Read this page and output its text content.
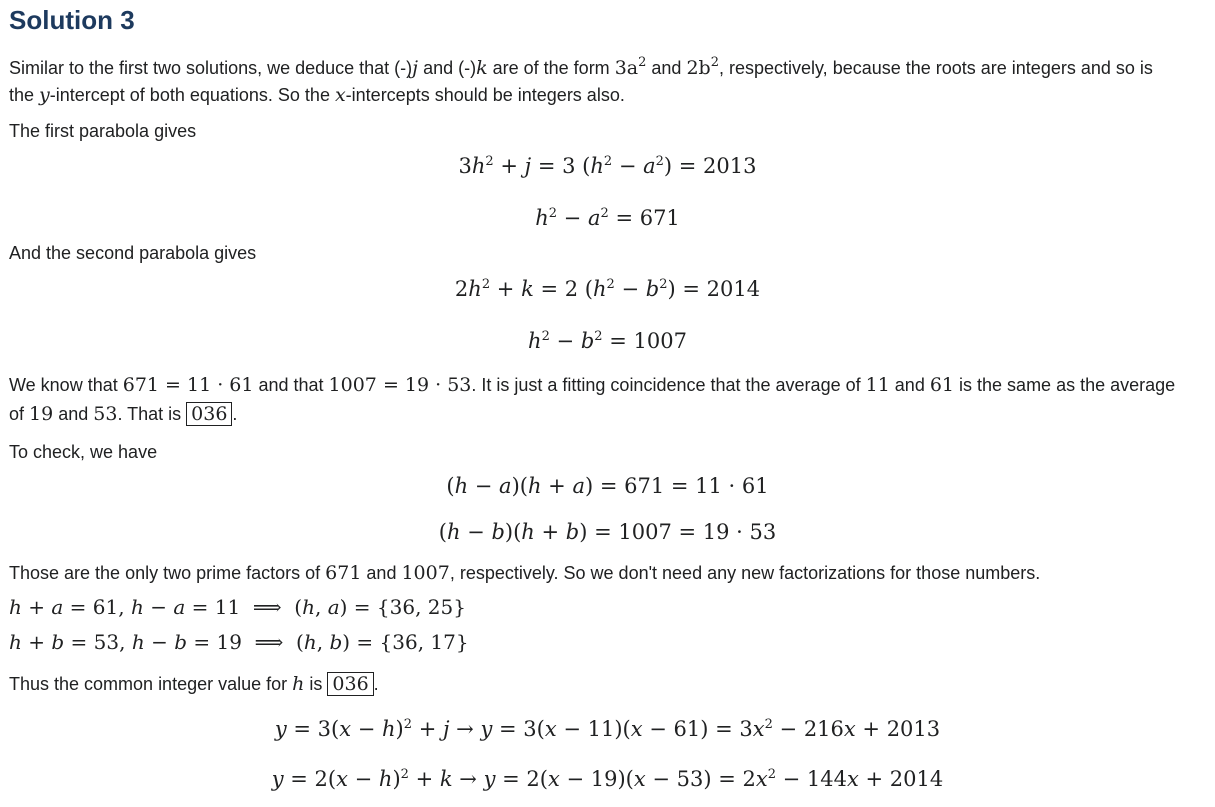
Solution 3
Similar to the first two solutions, we deduce that (-)j and (-)k are of the form $3a^2$ and $2b^2$, respectively, because the roots are integers and so is
the y-intercept of both equations. So the x-intercepts should be integers also.
The first parabola gives
$3h^2 + j = 3$ $(h^2 - a^2) = 2013$
$h^2 - a^2 = 671$
And the second parabola gives
$2h^2 + k = 2$ $(h^2 - b^2) = 2014$
$h^2 - b^2 = 1007$
We know that 671 = 11 · 61 and that 1007 = 19 · 53. It is just a fitting coincidence that the average of 11 and 61 is the same as the average
of 19 and 53. That is 036 .
To check, we have
(h − a)(h + a) = 671 = 11 · 61
(h − b)(h + b) = 1007 = 19 · 53
Those are the only two prime factors of 671 and 1007, respectively. So we don't need any new factorizations for those numbers.
h + a = 61, h − a = 11  ⟹  (h, a) = {36, 25}
h + b = 53, h − b = 19  ⟹  (h, b) = {36, 17}
Thus the common integer value for h is 036 .
$y = 3(x - h)^2 + j \to y = 3(x - 11)(x - 61) = 3x^2 - 216x + 2013$
$y = 2(x - h)^2 + k \to y = 2(x - 19)(x - 53) = 2x^2 - 144x + 2014$
